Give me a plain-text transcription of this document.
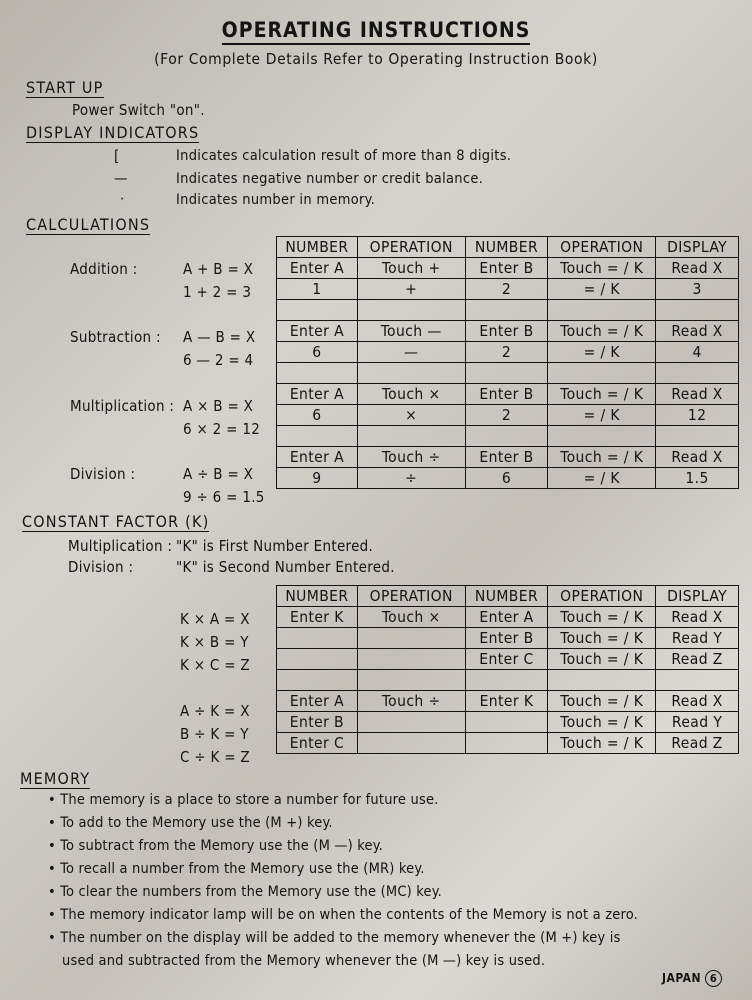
OPERATING INSTRUCTIONS
(For Complete Details Refer to Operating Instruction Book)
START UP
Power Switch "on".
DISPLAY INDICATORS
[	Indicates calculation result of more than 8 digits.
—	Indicates negative number or credit balance.
·	Indicates number in memory.
CALCULATIONS
NUMBER	OPERATION	NUMBER	OPERATION	DISPLAY
Enter A	Touch +	Enter B	Touch = / K	Read X
1	+	2	= / K	3

Enter A	Touch —	Enter B	Touch = / K	Read X
6	—	2	= / K	4

Enter A	Touch ×	Enter B	Touch = / K	Read X
6	×	2	= / K	12

Enter A	Touch ÷	Enter B	Touch = / K	Read X
9	÷	6	= / K	1.5
Addition :	A + B = X
1 + 2 = 3
Subtraction : A — B = X
6 — 2 = 4
Multiplication : A × B = X
6 × 2 = 12
Division :	A ÷ B = X
9 ÷ 6 = 1.5
CONSTANT FACTOR (K)
Multiplication : "K" is First Number Entered.
Division :	"K" is Second Number Entered.
NUMBER	OPERATION	NUMBER	OPERATION	DISPLAY
Enter K	Touch ×	Enter A	Touch = / K	Read X
		Enter B	Touch = / K	Read Y
		Enter C	Touch = / K	Read Z

Enter A	Touch ÷	Enter K	Touch = / K	Read X
Enter B			Touch = / K	Read Y
Enter C			Touch = / K	Read Z
K × A = X
K × B = Y
K × C = Z
A ÷ K = X
B ÷ K = Y
C ÷ K = Z
MEMORY
• The memory is a place to store a number for future use.
• To add to the Memory use the (M +) key.
• To subtract from the Memory use the (M —) key.
• To recall a number from the Memory use the (MR) key.
• To clear the numbers from the Memory use the (MC) key.
• The memory indicator lamp will be on when the contents of the Memory is not a zero.
• The number on the display will be added to the memory whenever the (M +) key is
used and subtracted from the Memory whenever the (M —) key is used.
JAPAN 6
